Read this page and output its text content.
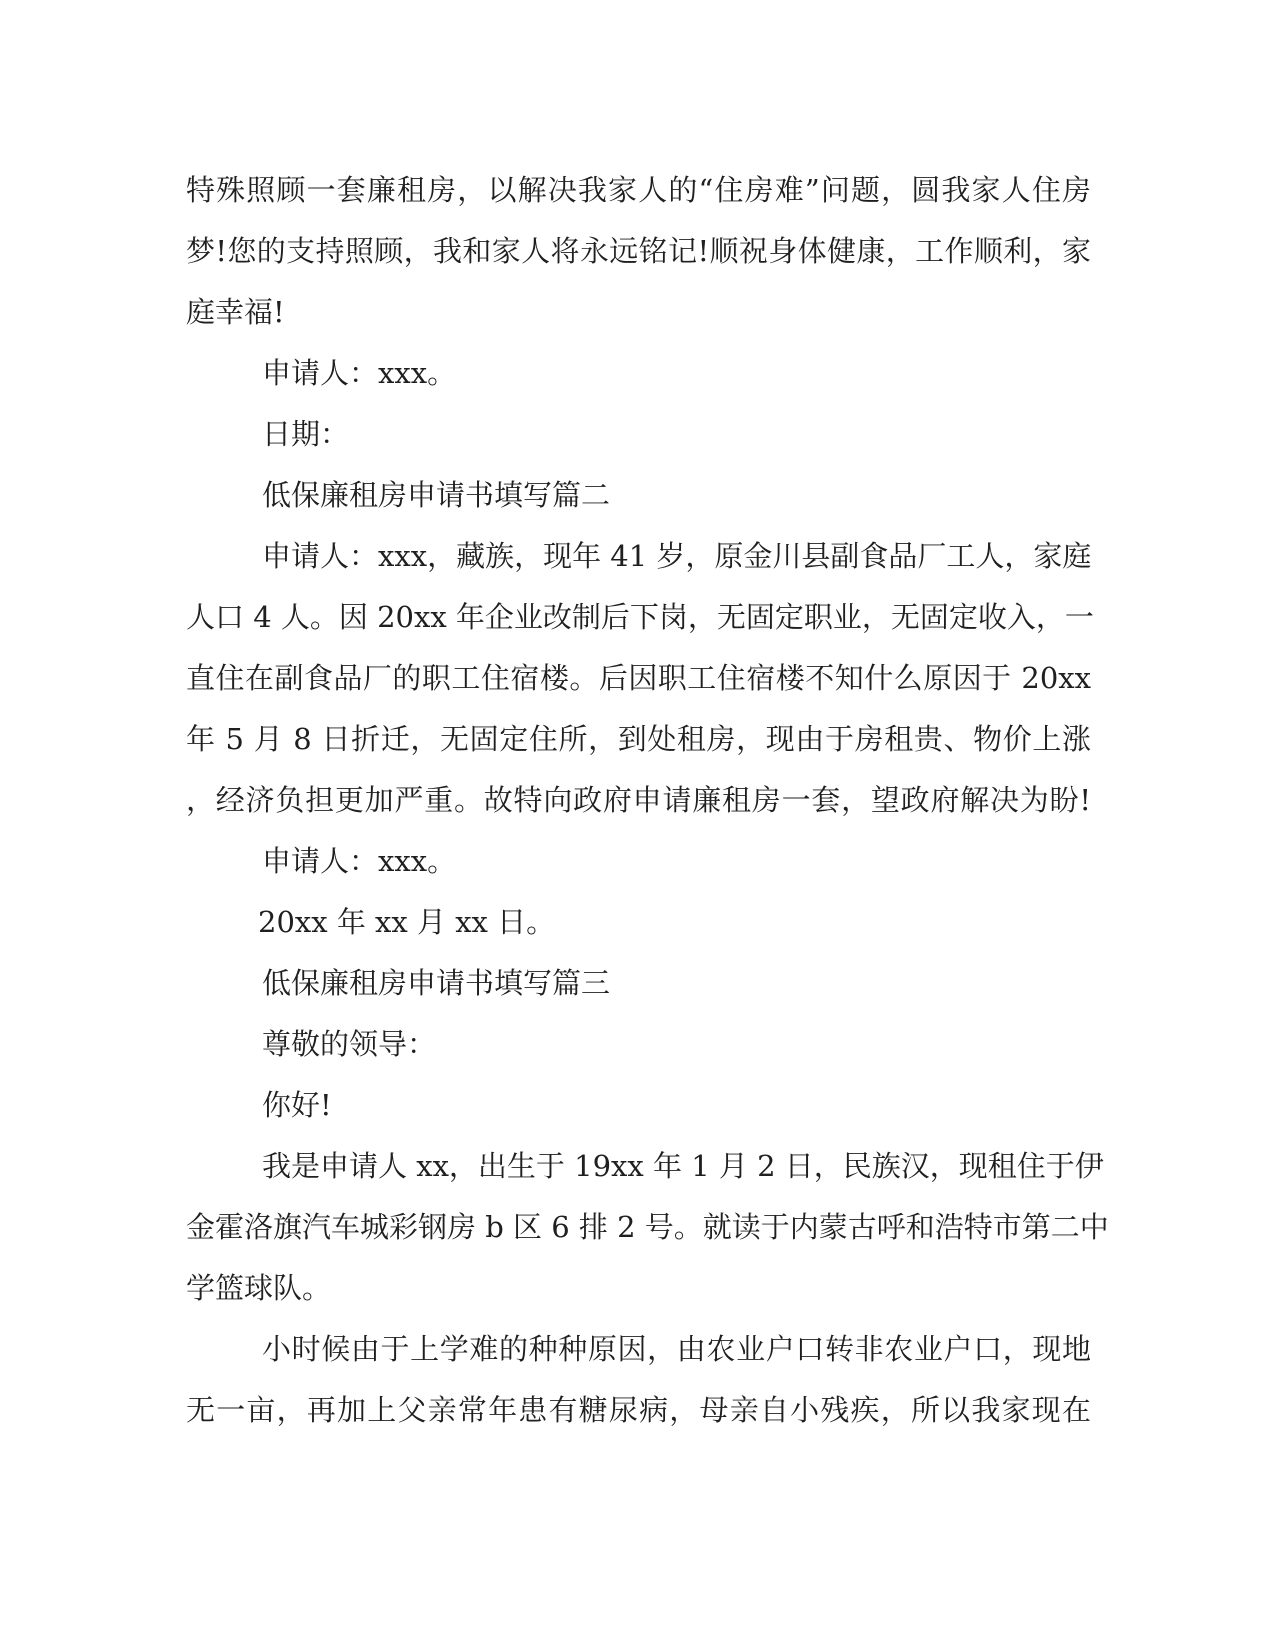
特殊照顾一套廉租房，以解决我家人的“住房难”问题，圆我家人住房
梦!您的支持照顾，我和家人将永远铭记!顺祝身体健康，工作顺利，家
庭幸福!
申请人：xxx。
日期：
低保廉租房申请书填写篇二
申请人：xxx，藏族，现年 41 岁，原金川县副食品厂工人，家庭
人口 4 人。因 20xx 年企业改制后下岗，无固定职业，无固定收入，一
直住在副食品厂的职工住宿楼。后因职工住宿楼不知什么原因于 20xx
年 5 月 8 日折迁，无固定住所，到处租房，现由于房租贵、物价上涨
，经济负担更加严重。故特向政府申请廉租房一套，望政府解决为盼!
申请人：xxx。
20xx 年 xx 月 xx 日。
低保廉租房申请书填写篇三
尊敬的领导：
你好!
我是申请人 xx，出生于 19xx 年 1 月 2 日，民族汉，现租住于伊
金霍洛旗汽车城彩钢房 b 区 6 排 2 号。就读于内蒙古呼和浩特市第二中
学篮球队。
小时候由于上学难的种种原因，由农业户口转非农业户口，现地
无一亩，再加上父亲常年患有糖尿病，母亲自小残疾，所以我家现在
